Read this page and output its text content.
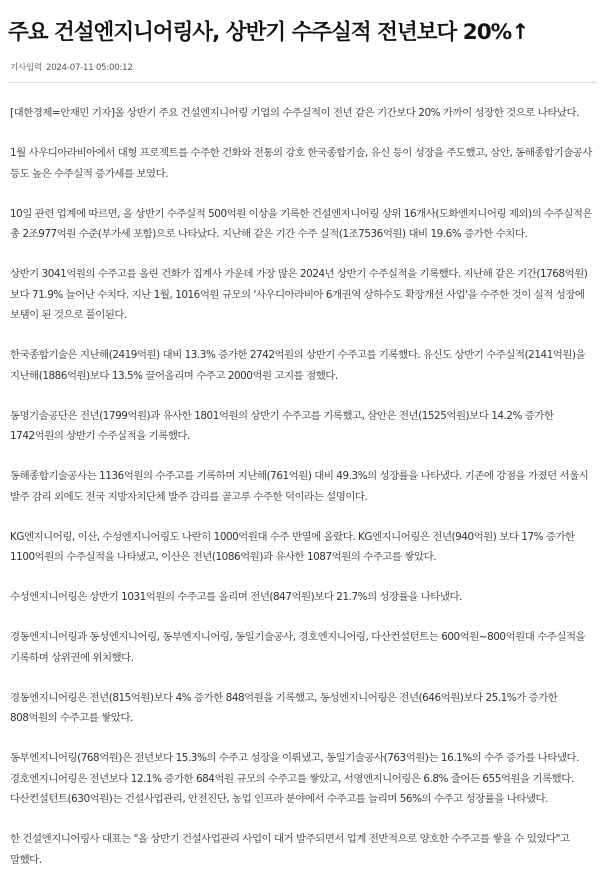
주요 건설엔지니어링사, 상반기 수주실적 전년보다 20%↑
기사입력 2024-07-11 05:00:12

[대한경제=안재민 기자]올 상반기 주요 건설엔지니어링 기업의 수주실적이 전년 같은 기간보다 20% 가까이 성장한 것으로 나타났다.

1월 사우디아라비아에서 대형 프로젝트를 수주한 건화와 전통의 강호 한국종합기술, 유신 등이 성장을 주도했고, 삼안, 동해종합기술공사 등도 높은 수주실적 증가세를 보였다.

10일 관련 업계에 따르면, 올 상반기 수주실적 500억원 이상을 기록한 건설엔지니어링 상위 16개사(도화엔지니어링 제외)의 수주실적은 총 2조977억원 수준(부가세 포함)으로 나타났다. 지난해 같은 기간 수주 실적(1조7536억원) 대비 19.6% 증가한 수치다.

상반기 3041억원의 수주고를 올린 건화가 집계사 가운데 가장 많은 2024년 상반기 수주실적을 기록했다. 지난해 같은 기간(1768억원)보다 71.9% 늘어난 수치다. 지난 1월, 1016억원 규모의 '사우디아라비아 6개권역 상하수도 확장개선 사업'을 수주한 것이 실적 성장에 보탬이 된 것으로 풀이된다.

한국종합기술은 지난해(2419억원) 대비 13.3% 증가한 2742억원의 상반기 수주고를 기록했다. 유신도 상반기 수주실적(2141억원)을 지난해(1886억원)보다 13.5% 끌어올리며 수주고 2000억원 고지를 점했다.

동명기술공단은 전년(1799억원)과 유사한 1801억원의 상반기 수주고를 기록했고, 삼안은 전년(1525억원)보다 14.2% 증가한 1742억원의 상반기 수주실적을 기록했다.

동해종합기술공사는 1136억원의 수주고를 기록하며 지난해(761억원) 대비 49.3%의 성장률을 나타냈다. 기존에 강점을 가졌던 서울시 발주 감리 외에도 전국 지방자치단체 발주 감리를 골고루 수주한 덕이라는 설명이다.

KG엔지니어링, 이산, 수성엔지니어링도 나란히 1000억원대 수주 반열에 올랐다. KG엔지니어링은 전년(940억원) 보다 17% 증가한 1100억원의 수주실적을 나타냈고, 이산은 전년(1086억원)과 유사한 1087억원의 수주고를 쌓았다.

수성엔지니어링은 상반기 1031억원의 수주고를 올리며 전년(847억원)보다 21.7%의 성장률을 나타냈다.

경동엔지니어링과 동성엔지니어링, 동부엔지니어링, 동일기술공사, 경호엔지니어링, 다산컨설턴트는 600억원~800억원대 수주실적을 기록하며 상위권에 위치했다.

경동엔지니어링은 전년(815억원)보다 4% 증가한 848억원을 기록했고, 동성엔지니어링은 전년(646억원)보다 25.1%가 증가한 808억원의 수주고를 쌓았다.

동부엔지니어링(768억원)은 전년보다 15.3%의 수주고 성장을 이뤄냈고, 동일기술공사(763억원)는 16.1%의 수주 증가를 나타냈다. 경호엔지니어링은 전년보다 12.1% 증가한 684억원 규모의 수주고를 쌓았고, 서영엔지니어링은 6.8% 줄어든 655억원을 기록했다. 다산컨설턴트(630억원)는 건설사업관리, 안전진단, 농업 인프라 분야에서 수주고를 늘리며 56%의 수주고 성장률을 나타냈다.

한 건설엔지니어링사 대표는 "올 상반기 건설사업관리 사업이 대거 발주되면서 업계 전반적으로 양호한 수주고를 쌓을 수 있었다"고 말했다.
